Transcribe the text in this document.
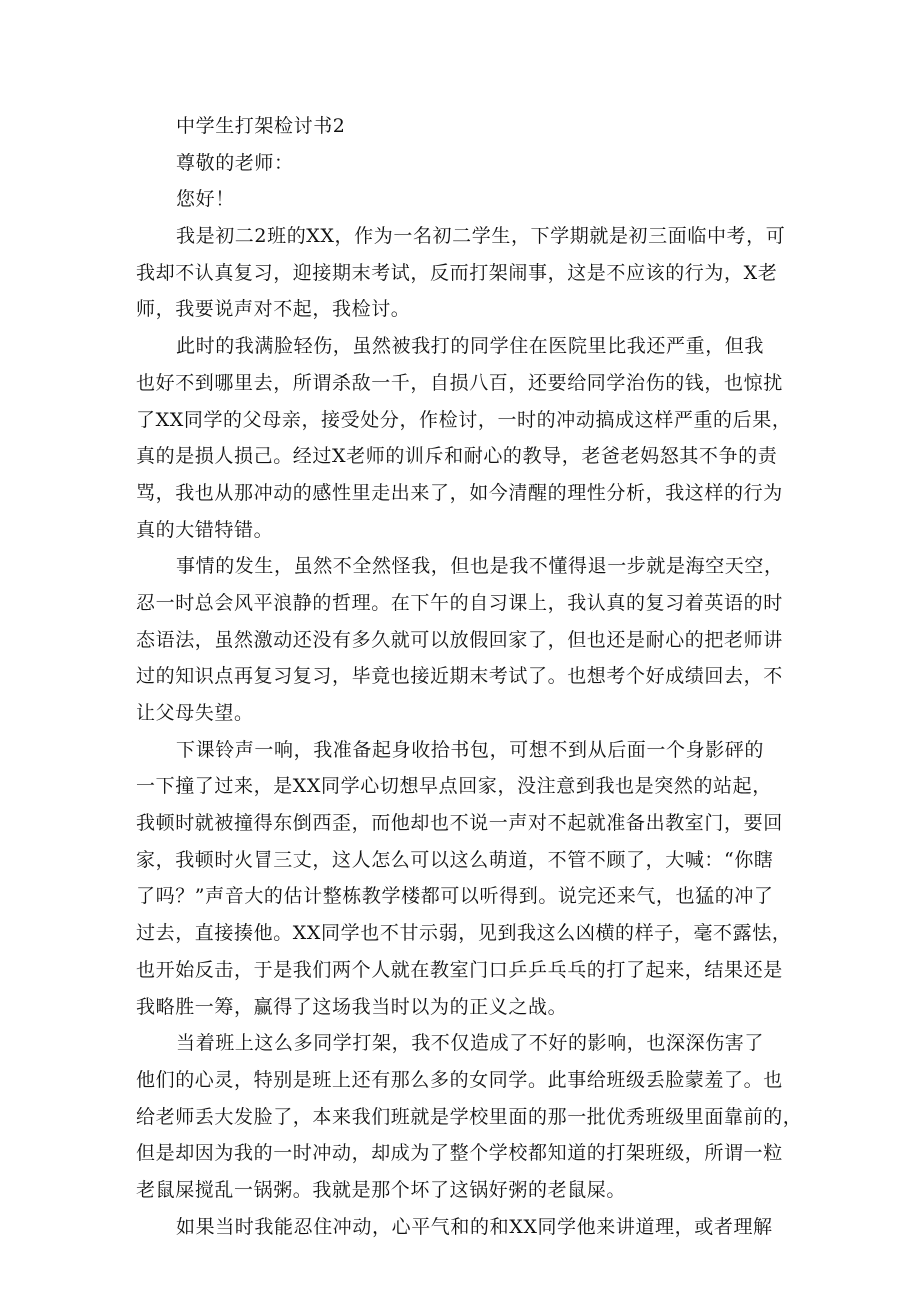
中学生打架检讨书2
尊敬的老师：
您好！
我是初二2班的XX，作为一名初二学生，下学期就是初三面临中考，可
我却不认真复习，迎接期末考试，反而打架闹事，这是不应该的行为，X老
师，我要说声对不起，我检讨。
此时的我满脸轻伤，虽然被我打的同学住在医院里比我还严重，但我
也好不到哪里去，所谓杀敌一千，自损八百，还要给同学治伤的钱，也惊扰
了XX同学的父母亲，接受处分，作检讨，一时的冲动搞成这样严重的后果，
真的是损人损己。经过X老师的训斥和耐心的教导，老爸老妈怒其不争的责
骂，我也从那冲动的感性里走出来了，如今清醒的理性分析，我这样的行为
真的大错特错。
事情的发生，虽然不全然怪我，但也是我不懂得退一步就是海空天空，
忍一时总会风平浪静的哲理。在下午的自习课上，我认真的复习着英语的时
态语法，虽然激动还没有多久就可以放假回家了，但也还是耐心的把老师讲
过的知识点再复习复习，毕竟也接近期末考试了。也想考个好成绩回去，不
让父母失望。
下课铃声一响，我准备起身收拾书包，可想不到从后面一个身影砰的
一下撞了过来，是XX同学心切想早点回家，没注意到我也是突然的站起，
我顿时就被撞得东倒西歪，而他却也不说一声对不起就准备出教室门，要回
家，我顿时火冒三丈，这人怎么可以这么萌道，不管不顾了，大喊：“你瞎
了吗？”声音大的估计整栋教学楼都可以听得到。说完还来气，也猛的冲了
过去，直接揍他。XX同学也不甘示弱，见到我这么凶横的样子，毫不露怯，
也开始反击，于是我们两个人就在教室门口乒乒乓乓的打了起来，结果还是
我略胜一筹，赢得了这场我当时以为的正义之战。
当着班上这么多同学打架，我不仅造成了不好的影响，也深深伤害了
他们的心灵，特别是班上还有那么多的女同学。此事给班级丢脸蒙羞了。也
给老师丢大发脸了，本来我们班就是学校里面的那一批优秀班级里面靠前的，
但是却因为我的一时冲动，却成为了整个学校都知道的打架班级，所谓一粒
老鼠屎搅乱一锅粥。我就是那个坏了这锅好粥的老鼠屎。
如果当时我能忍住冲动，心平气和的和XX同学他来讲道理，或者理解
